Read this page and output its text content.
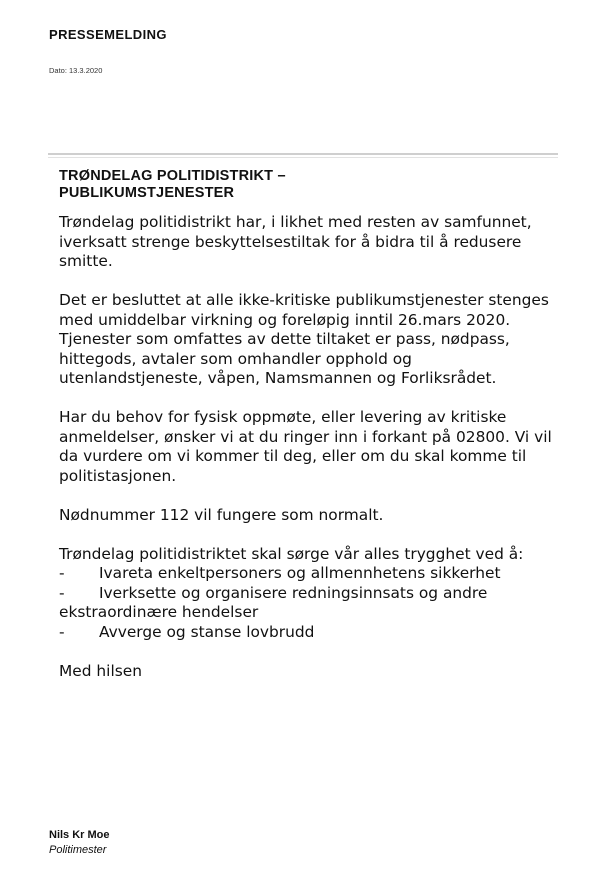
PRESSEMELDING
Dato: 13.3.2020
TRØNDELAG POLITIDISTRIKT –
PUBLIKUMSTJENESTER

Trøndelag politidistrikt har, i likhet med resten av samfunnet, iverksatt strenge beskyttelsestiltak for å bidra til å redusere smitte.

Det er besluttet at alle ikke-kritiske publikumstjenester stenges med umiddelbar virkning og foreløpig inntil 26.mars 2020. Tjenester som omfattes av dette tiltaket er pass, nødpass, hittegods, avtaler som omhandler opphold og utenlandstjeneste, våpen, Namsmannen og Forliksrådet.

Har du behov for fysisk oppmøte, eller levering av kritiske anmeldelser, ønsker vi at du ringer inn i forkant på 02800. Vi vil da vurdere om vi kommer til deg, eller om du skal komme til politistasjonen.

Nødnummer 112 vil fungere som normalt.

Trøndelag politidistriktet skal sørge vår alles trygghet ved å:

- Ivareta enkeltpersoners og allmennhetens sikkerhet
- Iverksette og organisere redningsinnsats og andre ekstraordinære hendelser
- Avverge og stanse lovbrudd

Med hilsen

Nils Kr Moe
Politimester
